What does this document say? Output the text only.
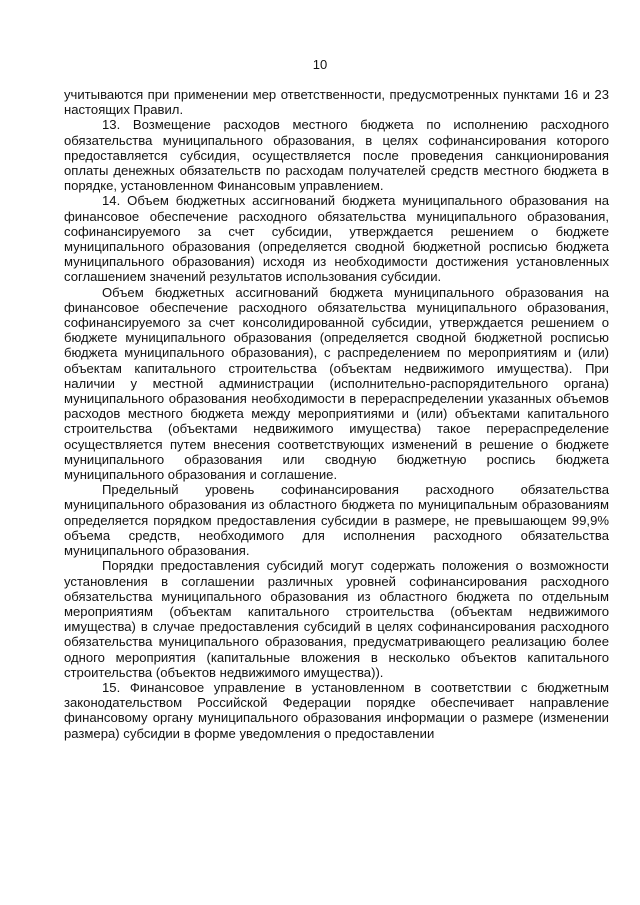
10

учитываются при применении мер ответственности, предусмотренных пунктами 16 и 23 настоящих Правил.

13. Возмещение расходов местного бюджета по исполнению расходного обязательства муниципального образования, в целях софинансирования которого предоставляется субсидия, осуществляется после проведения санкционирования оплаты денежных обязательств по расходам получателей средств местного бюджета в порядке, установленном Финансовым управлением.

14. Объем бюджетных ассигнований бюджета муниципального образования на финансовое обеспечение расходного обязательства муниципального образования, софинансируемого за счет субсидии, утверждается решением о бюджете муниципального образования (определяется сводной бюджетной росписью бюджета муниципального образования) исходя из необходимости достижения установленных соглашением значений результатов использования субсидии.

Объем бюджетных ассигнований бюджета муниципального образования на финансовое обеспечение расходного обязательства муниципального образования, софинансируемого за счет консолидированной субсидии, утверждается решением о бюджете муниципального образования (определяется сводной бюджетной росписью бюджета муниципального образования), с распределением по мероприятиям и (или) объектам капитального строительства (объектам недвижимого имущества). При наличии у местной администрации (исполнительно-распорядительного органа) муниципального образования необходимости в перераспределении указанных объемов расходов местного бюджета между мероприятиями и (или) объектами капитального строительства (объектами недвижимого имущества) такое перераспределение осуществляется путем внесения соответствующих изменений в решение о бюджете муниципального образования или сводную бюджетную роспись бюджета муниципального образования и соглашение.

Предельный уровень софинансирования расходного обязательства муниципального образования из областного бюджета по муниципальным образованиям определяется порядком предоставления субсидии в размере, не превышающем 99,9% объема средств, необходимого для исполнения расходного обязательства муниципального образования.

Порядки предоставления субсидий могут содержать положения о возможности установления в соглашении различных уровней софинансирования расходного обязательства муниципального образования из областного бюджета по отдельным мероприятиям (объектам капитального строительства (объектам недвижимого имущества) в случае предоставления субсидий в целях софинансирования расходного обязательства муниципального образования, предусматривающего реализацию более одного мероприятия (капитальные вложения в несколько объектов капитального строительства (объектов недвижимого имущества)).

15. Финансовое управление в установленном в соответствии с бюджетным законодательством Российской Федерации порядке обеспечивает направление финансовому органу муниципального образования информации о размере (изменении размера) субсидии в форме уведомления о предоставлении
